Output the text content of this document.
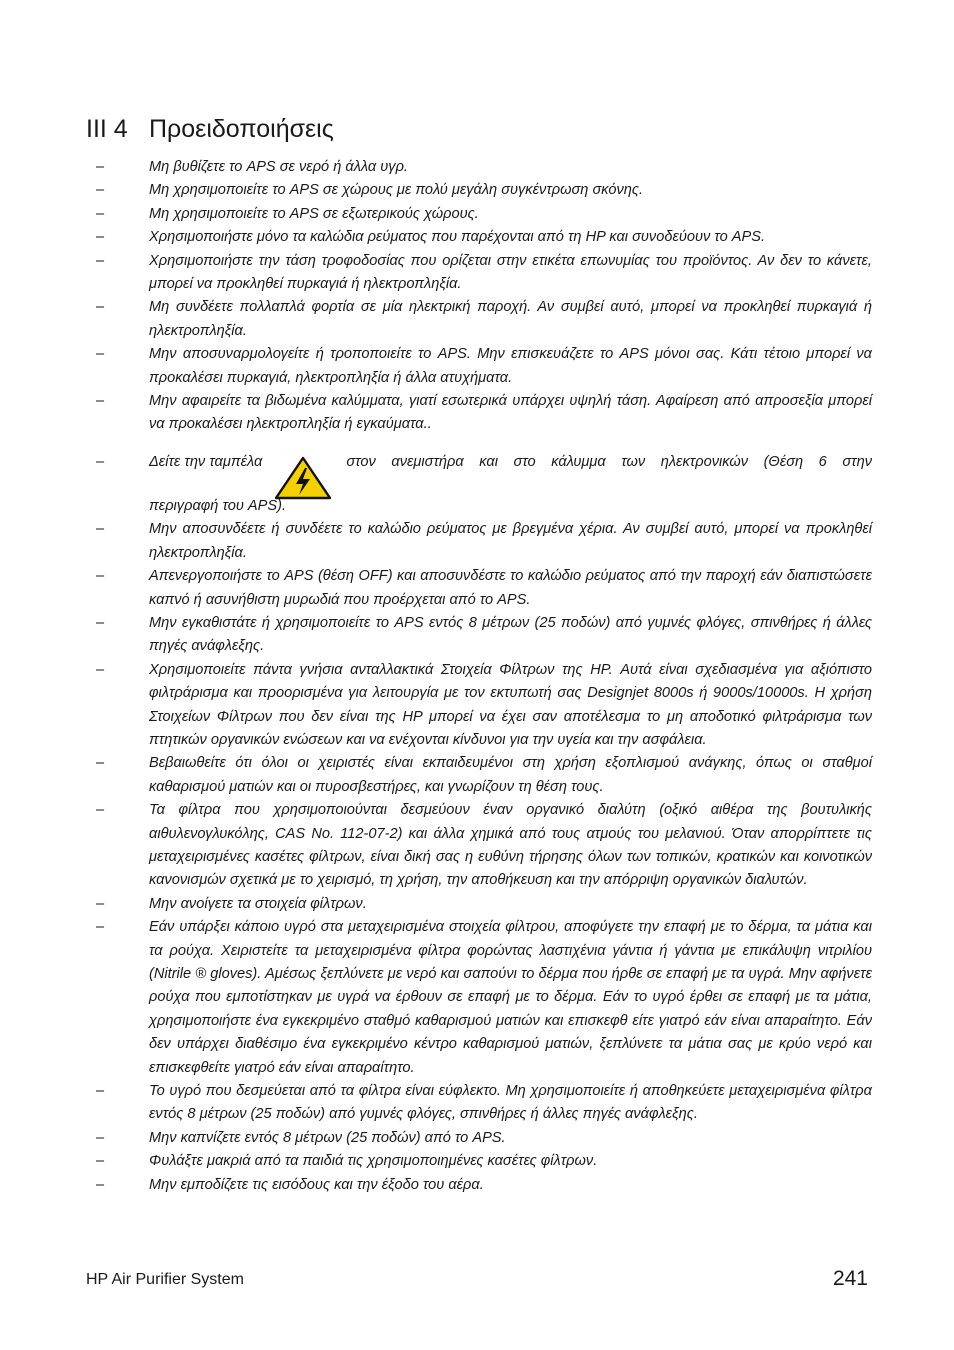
III 4 Προειδοποιήσεις
–	Μη βυθίζετε το APS σε νερό ή άλλα υγρ.
–	Μη χρησιμοποιείτε το APS σε χώρους με πολύ μεγάλη συγκέντρωση σκόνης.
–	Μη χρησιμοποιείτε το APS σε εξωτερικούς χώρους.
–	Χρησιμοποιήστε μόνο τα καλώδια ρεύματος που παρέχονται από τη HP και συνοδεύουν το APS.
–	Χρησιμοποιήστε την τάση τροφοδοσίας που ορίζεται στην ετικέτα επωνυμίας του προϊόντος. Αν δεν το κάνετε, μπορεί να προκληθεί πυρκαγιά ή ηλεκτροπληξία.
–	Μη συνδέετε πολλαπλά φορτία σε μία ηλεκτρική παροχή. Αν συμβεί αυτό, μπορεί να προκληθεί πυρκαγιά ή ηλεκτροπληξία.
–	Μην αποσυναρμολογείτε ή τροποποιείτε το APS. Μην επισκευάζετε το APS μόνοι σας. Κάτι τέτοιο μπορεί να προκαλέσει πυρκαγιά, ηλεκτροπληξία ή άλλα ατυχήματα.
–	Μην αφαιρείτε τα βιδωμένα καλύμματα, γιατί εσωτερικά υπάρχει υψηλή τάση. Αφαίρεση από απροσεξία μπορεί να προκαλέσει ηλεκτροπληξία ή εγκαύματα..
–	Δείτε την ταμπέλα	στον ανεμιστήρα και στο κάλυμμα των ηλεκτρονικών (Θέση 6 στην
περιγραφή του APS).
–	Μην αποσυνδέετε ή συνδέετε το καλώδιο ρεύματος με βρεγμένα χέρια. Αν συμβεί αυτό, μπορεί να προκληθεί ηλεκτροπληξία.
–	Απενεργοποιήστε το APS (θέση OFF) και αποσυνδέστε το καλώδιο ρεύματος από την παροχή εάν διαπιστώσετε καπνό ή ασυνήθιστη μυρωδιά που προέρχεται από το APS.
–	Μην εγκαθιστάτε ή χρησιμοποιείτε το APS εντός 8 μέτρων (25 ποδών) από γυμνές φλόγες, σπινθήρες ή άλλες πηγές ανάφλεξης.
–	Χρησιμοποιείτε πάντα γνήσια ανταλλακτικά Στοιχεία Φίλτρων της HP. Αυτά είναι σχεδιασμένα για αξιόπιστο φιλτράρισμα και προορισμένα για λειτουργία με τον εκτυπωτή σας Designjet 8000s ή 9000s/10000s. Η χρήση Στοιχείων Φίλτρων που δεν είναι της HP μπορεί να έχει σαν αποτέλεσμα το μη αποδοτικό φιλτράρισμα των πτητικών οργανικών ενώσεων και να ενέχονται κίνδυνοι για την υγεία και την ασφάλεια.
–	Βεβαιωθείτε ότι όλοι οι χειριστές είναι εκπαιδευμένοι στη χρήση εξοπλισμού ανάγκης, όπως οι σταθμοί καθαρισμού ματιών και οι πυροσβεστήρες, και γνωρίζουν τη θέση τους.
–	Τα φίλτρα που χρησιμοποιούνται δεσμεύουν έναν οργανικό διαλύτη (οξικό αιθέρα της βουτυλικής αιθυλενογλυκόλης, CAS No. 112-07-2) και άλλα χημικά από τους ατμούς του μελανιού. Όταν απορρίπτετε τις μεταχειρισμένες κασέτες φίλτρων, είναι δική σας η ευθύνη τήρησης όλων των τοπικών, κρατικών και κοινοτικών κανονισμών σχετικά με το χειρισμό, τη χρήση, την αποθήκευση και την απόρριψη οργανικών διαλυτών.
–	Μην ανοίγετε τα στοιχεία φίλτρων.
–	Εάν υπάρξει κάποιο υγρό στα μεταχειρισμένα στοιχεία φίλτρου, αποφύγετε την επαφή με το δέρμα, τα μάτια και τα ρούχα. Χειριστείτε τα μεταχειρισμένα φίλτρα φορώντας λαστιχένια γάντια ή γάντια με επικάλυψη νιτριλίου (Nitrile ® gloves). Αμέσως ξεπλύνετε με νερό και σαπούνι το δέρμα που ήρθε σε επαφή με τα υγρά. Μην αφήνετε ρούχα που εμποτίστηκαν με υγρά να έρθουν σε επαφή με το δέρμα. Εάν το υγρό έρθει σε επαφή με τα μάτια, χρησιμοποιήστε ένα εγκεκριμένο σταθμό καθαρισμού ματιών και επισκεφθ είτε γιατρό εάν είναι απαραίτητο. Εάν δεν υπάρχει διαθέσιμο ένα εγκεκριμένο κέντρο καθαρισμού ματιών, ξεπλύνετε τα μάτια σας με κρύο νερό και επισκεφθείτε γιατρό εάν είναι απαραίτητο.
–	Το υγρό που δεσμεύεται από τα φίλτρα είναι εύφλεκτο. Μη χρησιμοποιείτε ή αποθηκεύετε μεταχειρισμένα φίλτρα εντός 8 μέτρων (25 ποδών) από γυμνές φλόγες, σπινθήρες ή άλλες πηγές ανάφλεξης.
–	Μην καπνίζετε εντός 8 μέτρων (25 ποδών) από το APS.
–	Φυλάξτε μακριά από τα παιδιά τις χρησιμοποιημένες κασέτες φίλτρων.
–	Μην εμποδίζετε τις εισόδους και την έξοδο του αέρα.
HP Air Purifier System	241
